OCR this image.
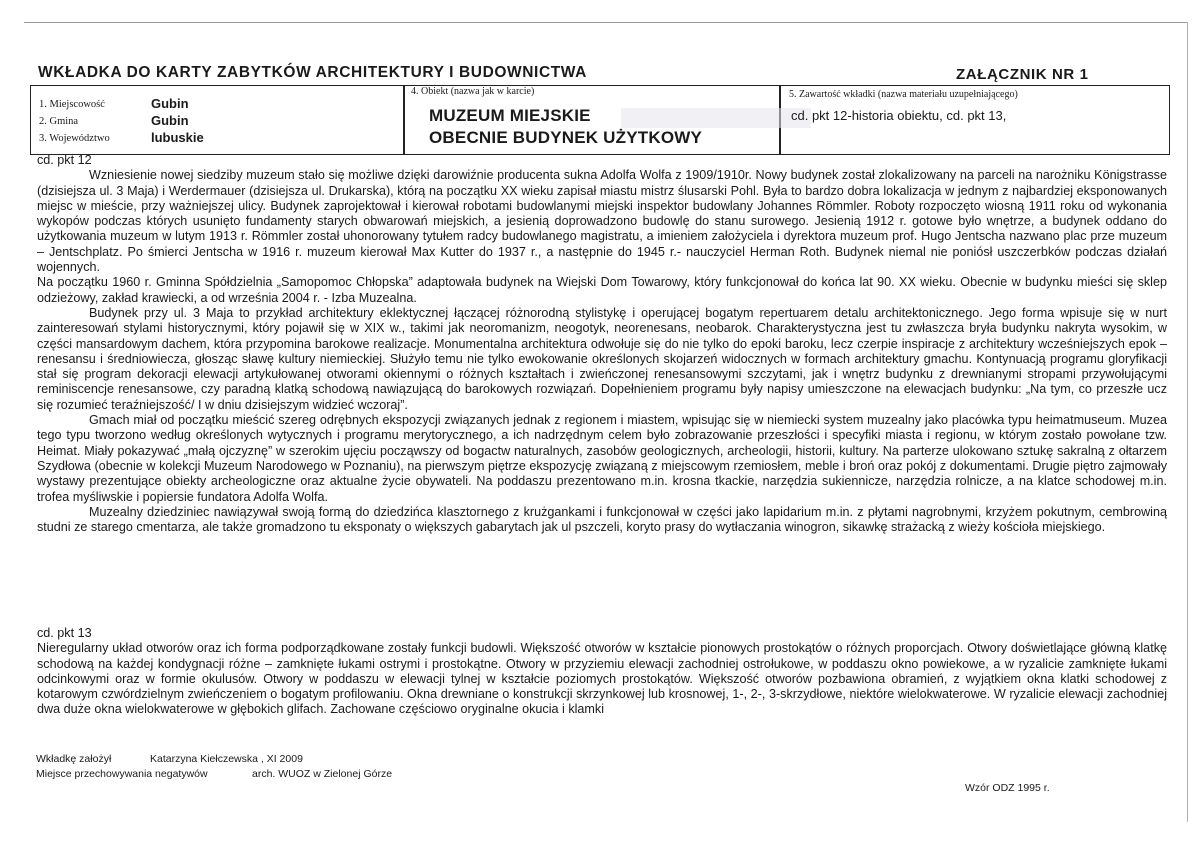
WKŁADKA DO KARTY ZABYTKÓW ARCHITEKTURY I BUDOWNICTWA	ZAŁĄCZNIK NR 1
1. Miejscowość	Gubin
2. Gmina	Gubin
3. Województwo	lubuskie
4. Obiekt (nazwa jak w karcie)
MUZEUM MIEJSKIE
OBECNIE BUDYNEK UŻYTKOWY
5. Zawartość wkładki (nazwa materiału uzupełniającego)
cd. pkt 12-historia obiektu, cd. pkt 13,

cd. pkt 12

Wzniesienie nowej siedziby muzeum stało się możliwe dzięki darowiźnie producenta sukna Adolfa Wolfa z 1909/1910r. Nowy budynek został zlokalizowany na parceli na narożniku Königstrasse (dzisiejsza ul. 3 Maja) i Werdermauer (dzisiejsza ul. Drukarska), którą na początku XX wieku zapisał miastu mistrz ślusarski Pohl. Była to bardzo dobra lokalizacja w jednym z najbardziej eksponowanych miejsc w mieście, przy ważniejszej ulicy. Budynek zaprojektował i kierował robotami budowlanymi miejski inspektor budowlany Johannes Römmler. Roboty rozpoczęto wiosną 1911 roku od wykonania wykopów podczas których usunięto fundamenty starych obwarowań miejskich, a jesienią doprowadzono budowlę do stanu surowego. Jesienią 1912 r. gotowe było wnętrze, a budynek oddano do użytkowania muzeum w lutym 1913 r. Römmler został uhonorowany tytułem radcy budowlanego magistratu, a imieniem założyciela i dyrektora muzeum prof. Hugo Jentscha nazwano plac prze muzeum – Jentschplatz. Po śmierci Jentscha w 1916 r. muzeum kierował Max Kutter do 1937 r., a następnie do 1945 r.- nauczyciel Herman Roth. Budynek niemal nie poniósł uszczerbków podczas działań wojennych.

Na początku 1960 r. Gminna Spółdzielnia „Samopomoc Chłopska” adaptowała budynek na Wiejski Dom Towarowy, który funkcjonował do końca lat 90. XX wieku. Obecnie w budynku mieści się sklep odzieżowy, zakład krawiecki, a od września 2004 r. - Izba Muzealna.

Budynek przy ul. 3 Maja to przykład architektury eklektycznej łączącej różnorodną stylistykę i operującej bogatym repertuarem detalu architektonicznego. Jego forma wpisuje się w nurt zainteresowań stylami historycznymi, który pojawił się w XIX w., takimi jak neoromanizm, neogotyk, neorenesans, neobarok. Charakterystyczna jest tu zwłaszcza bryła budynku nakryta wysokim, w części mansardowym dachem, która przypomina barokowe realizacje. Monumentalna architektura odwołuje się do nie tylko do epoki baroku, lecz czerpie inspiracje z architektury wcześniejszych epok – renesansu i średniowiecza, głosząc sławę kultury niemieckiej. Służyło temu nie tylko ewokowanie określonych skojarzeń widocznych w formach architektury gmachu. Kontynuacją programu gloryfikacji stał się program dekoracji elewacji artykułowanej otworami okiennymi o różnych kształtach i zwieńczonej renesansowymi szczytami, jak i wnętrz budynku z drewnianymi stropami przywołującymi reminiscencje renesansowe, czy paradną klatką schodową nawiązującą do barokowych rozwiązań. Dopełnieniem programu były napisy umieszczone na elewacjach budynku: „Na tym, co przeszłe ucz się rozumieć teraźniejszość/ I w dniu dzisiejszym widzieć wczoraj”.

Gmach miał od początku mieścić szereg odrębnych ekspozycji związanych jednak z regionem i miastem, wpisując się w niemiecki system muzealny jako placówka typu heimatmuseum. Muzea tego typu tworzono według określonych wytycznych i programu merytorycznego, a ich nadrzędnym celem było zobrazowanie przeszłości i specyfiki miasta i regionu, w którym zostało powołane tzw. Heimat. Miały pokazywać „małą ojczyznę” w szerokim ujęciu począwszy od bogactw naturalnych, zasobów geologicznych, archeologii, historii, kultury. Na parterze ulokowano sztukę sakralną z ołtarzem Szydłowa (obecnie w kolekcji Muzeum Narodowego w Poznaniu), na pierwszym piętrze ekspozycję związaną z miejscowym rzemiosłem, meble i broń oraz pokój z dokumentami. Drugie piętro zajmowały wystawy prezentujące obiekty archeologiczne oraz aktualne życie obywateli. Na poddaszu prezentowano m.in. krosna tkackie, narzędzia sukiennicze, narzędzia rolnicze, a na klatce schodowej m.in. trofea myśliwskie i popiersie fundatora Adolfa Wolfa.

Muzealny dziedziniec nawiązywał swoją formą do dziedzińca klasztornego z krużgankami i funkcjonował w części jako lapidarium m.in. z płytami nagrobnymi, krzyżem pokutnym, cembrowiną studni ze starego cmentarza, ale także gromadzono tu eksponaty o większych gabarytach jak ul pszczeli, koryto prasy do wytłaczania winogron, sikawkę strażacką z wieży kościoła miejskiego.

cd. pkt 13

Nieregularny układ otworów oraz ich forma podporządkowane zostały funkcji budowli. Większość otworów w kształcie pionowych prostokątów o różnych proporcjach. Otwory doświetlające główną klatkę schodową na każdej kondygnacji różne – zamknięte łukami ostrymi i prostokątne. Otwory w przyziemiu elewacji zachodniej ostrołukowe, w poddaszu okno powiekowe, a w ryzalicie zamknięte łukami odcinkowymi oraz w formie okulusów. Otwory w poddaszu w elewacji tylnej w kształcie poziomych prostokątów. Większość otworów pozbawiona obramień, z wyjątkiem okna klatki schodowej z kotarowym czwórdzielnym zwieńczeniem o bogatym profilowaniu. Okna drewniane o konstrukcji skrzynkowej lub krosnowej, 1-, 2-, 3-skrzydłowe, niektóre wielokwaterowe. W ryzalicie elewacji zachodniej dwa duże okna wielokwaterowe w głębokich glifach. Zachowane częściowo oryginalne okucia i klamki

Wkładkę założył	Katarzyna Kiełczewska , XI 2009
Miejsce przechowywania negatywów	arch. WUOZ w Zielonej Górze
Wzór ODZ 1995 r.
